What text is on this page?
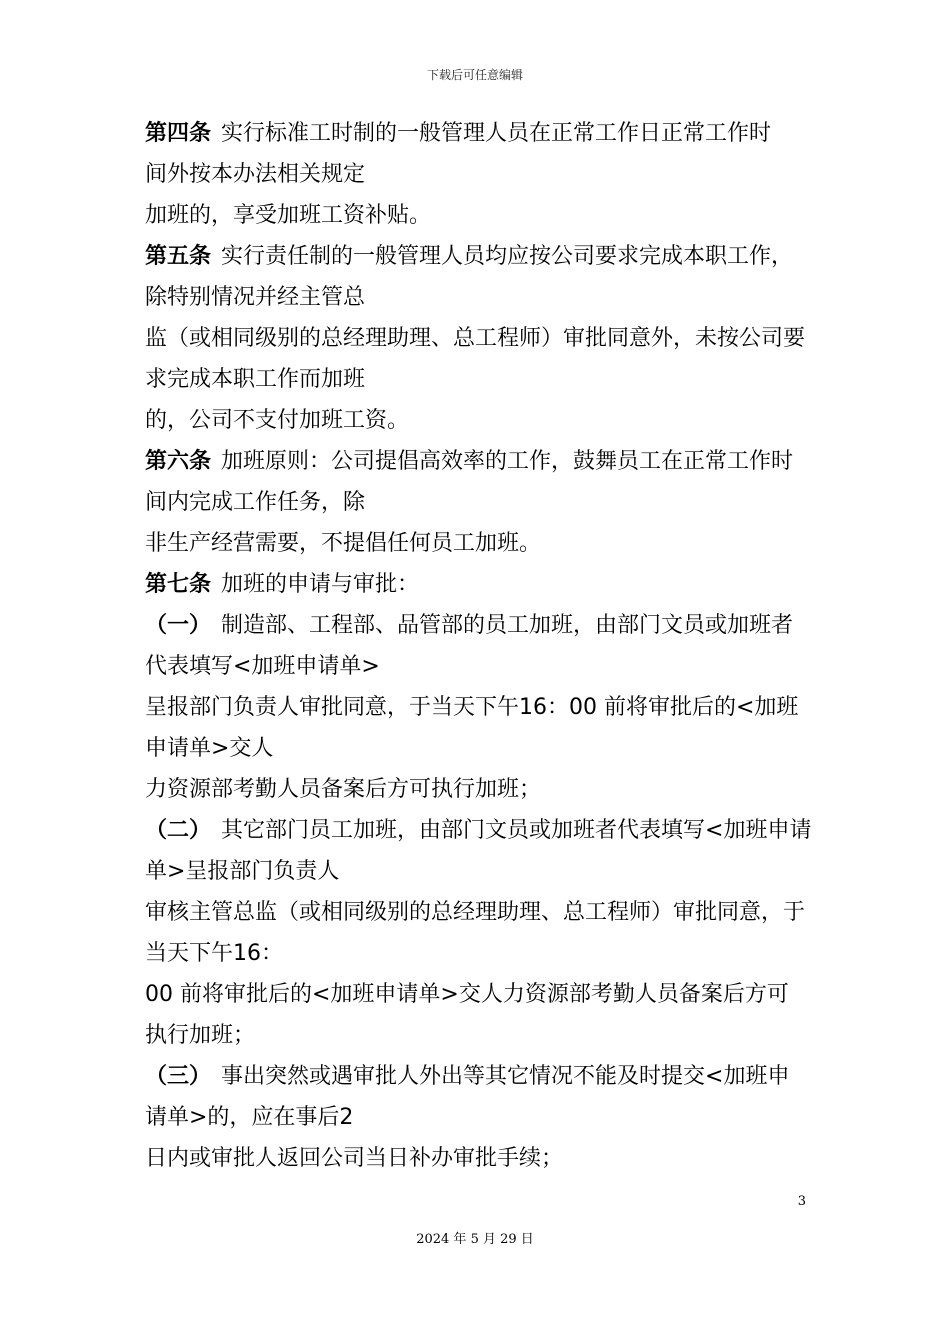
下载后可任意编辑
第四条 实行标准工时制的一般管理人员在正常工作日正常工作时
间外按本办法相关规定
加班的，享受加班工资补贴。
第五条 实行责任制的一般管理人员均应按公司要求完成本职工作，
除特别情况并经主管总
监（或相同级别的总经理助理、总工程师）审批同意外，未按公司要
求完成本职工作而加班
的，公司不支付加班工资。
第六条 加班原则：公司提倡高效率的工作，鼓舞员工在正常工作时
间内完成工作任务，除
非生产经营需要，不提倡任何员工加班。
第七条 加班的申请与审批：
（一） 制造部、工程部、品管部的员工加班，由部门文员或加班者
代表填写<加班申请单>
呈报部门负责人审批同意，于当天下午16：00 前将审批后的<加班
申请单>交人
力资源部考勤人员备案后方可执行加班；
（二） 其它部门员工加班，由部门文员或加班者代表填写<加班申请
单>呈报部门负责人
审核主管总监（或相同级别的总经理助理、总工程师）审批同意，于
当天下午16：
00 前将审批后的<加班申请单>交人力资源部考勤人员备案后方可
执行加班；
（三） 事出突然或遇审批人外出等其它情况不能及时提交<加班申
请单>的，应在事后2
日内或审批人返回公司当日补办审批手续；
3
2024 年 5 月 29 日
